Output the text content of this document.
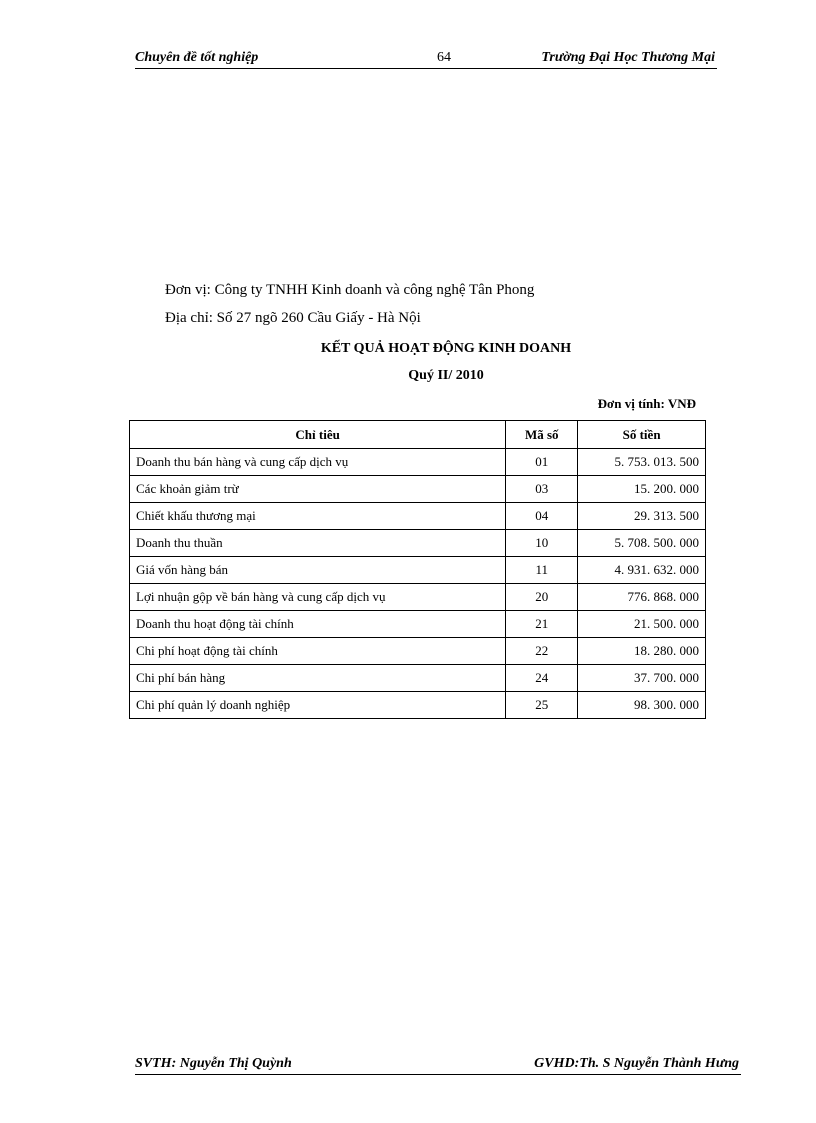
Chuyên đề tốt nghiệp	64	Trường Đại Học Thương Mại
Đơn vị: Công ty TNHH Kinh doanh và công nghệ Tân Phong
Địa chỉ: Số 27 ngõ 260 Cầu Giấy - Hà Nội
KẾT QUẢ HOẠT ĐỘNG KINH DOANH
Quý II/ 2010
Đơn vị tính: VNĐ
Chỉ tiêu	Mã số	Số tiền
Doanh thu bán hàng và cung cấp dịch vụ	01	5. 753. 013. 500
Các khoản giảm trừ	03	15. 200. 000
Chiết khấu thương mại	04	29. 313. 500
Doanh thu thuần	10	5. 708. 500. 000
Giá vốn hàng bán	11	4. 931. 632. 000
Lợi nhuận gộp về bán hàng và cung cấp dịch vụ	20	776. 868. 000
Doanh thu hoạt động tài chính	21	21. 500. 000
Chi phí hoạt động tài chính	22	18. 280. 000
Chi phí bán hàng	24	37. 700. 000
Chi phí quản lý doanh nghiệp	25	98. 300. 000
SVTH: Nguyễn Thị Quỳnh	GVHD:Th. S Nguyễn Thành Hưng
